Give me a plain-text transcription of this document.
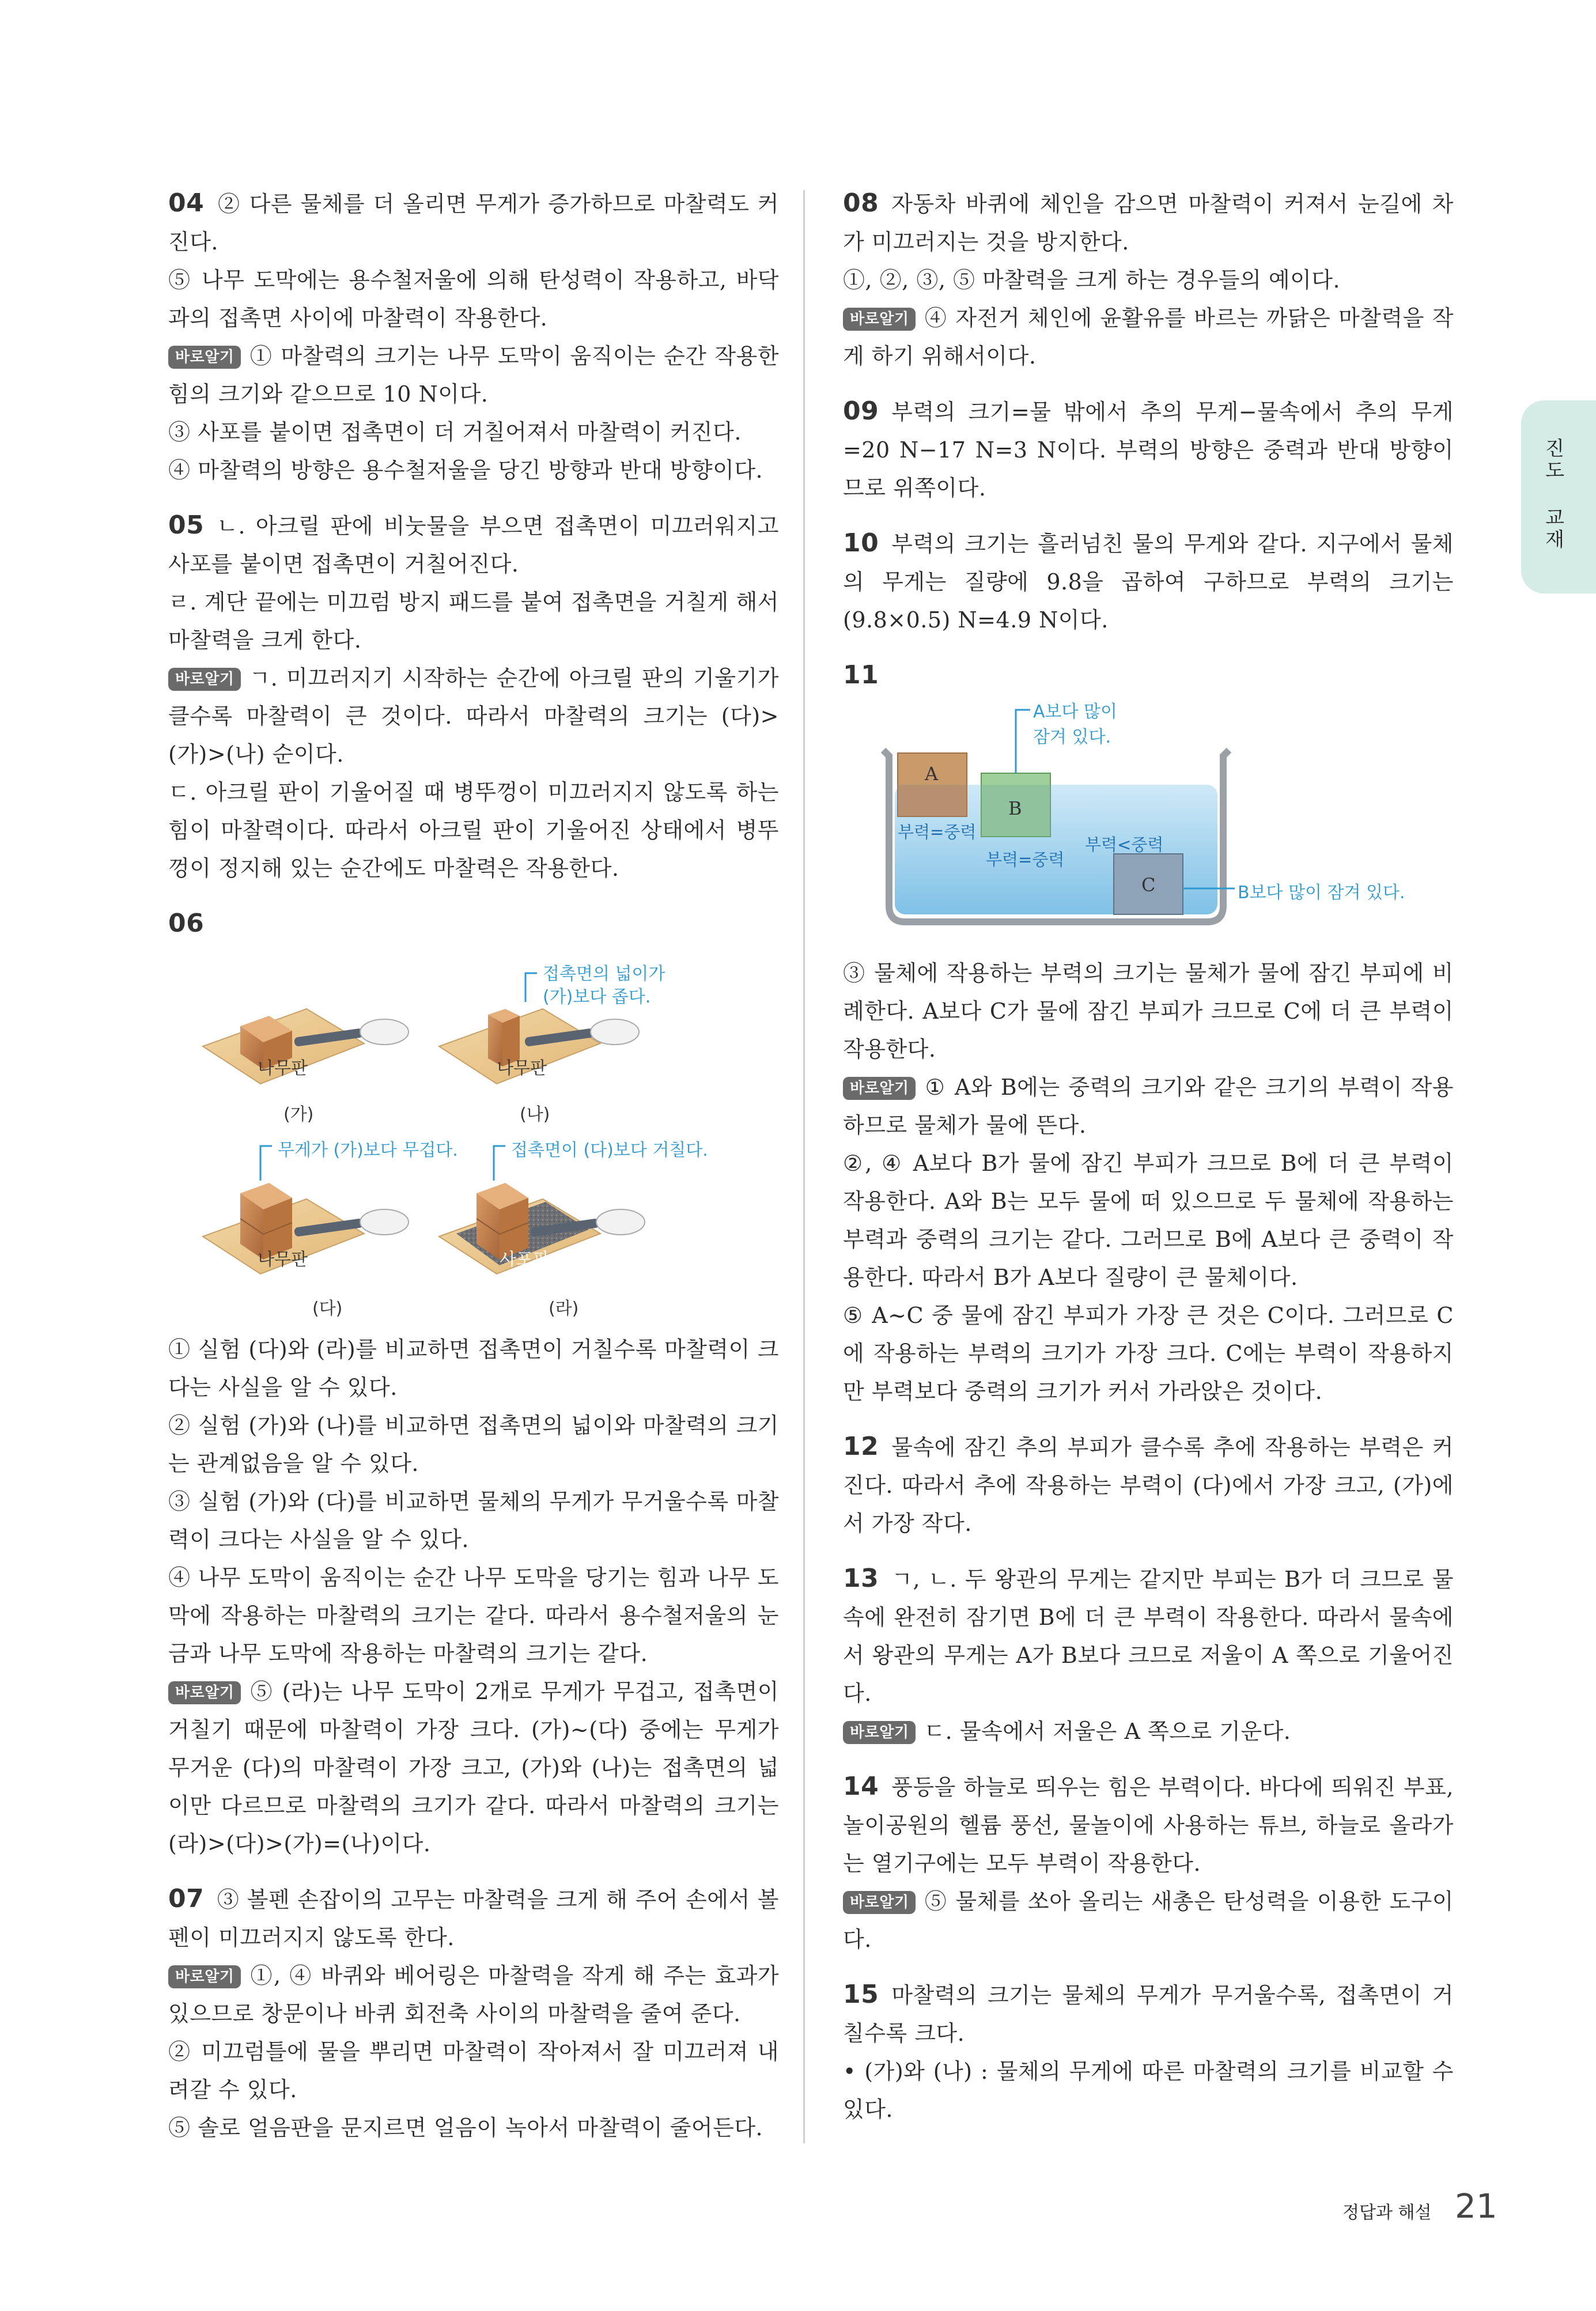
진도 교재

04 ② 다른 물체를 더 올리면 무게가 증가하므로 마찰력도 커진다.

⑤ 나무 도막에는 용수철저울에 의해 탄성력이 작용하고, 바닥과의 접촉면 사이에 마찰력이 작용한다.

바로알기 ① 마찰력의 크기는 나무 도막이 움직이는 순간 작용한 힘의 크기와 같으므로 10 N이다.

③ 사포를 붙이면 접촉면이 더 거칠어져서 마찰력이 커진다.

④ 마찰력의 방향은 용수철저울을 당긴 방향과 반대 방향이다.

05 ㄴ. 아크릴 판에 비눗물을 부으면 접촉면이 미끄러워지고 사포를 붙이면 접촉면이 거칠어진다.

ㄹ. 계단 끝에는 미끄럼 방지 패드를 붙여 접촉면을 거칠게 해서 마찰력을 크게 한다.

바로알기 ㄱ. 미끄러지기 시작하는 순간에 아크릴 판의 기울기가 클수록 마찰력이 큰 것이다. 따라서 마찰력의 크기는 (다)>(가)>(나) 순이다.

ㄷ. 아크릴 판이 기울어질 때 병뚜껑이 미끄러지지 않도록 하는 힘이 마찰력이다. 따라서 아크릴 판이 기울어진 상태에서 병뚜껑이 정지해 있는 순간에도 마찰력은 작용한다.

06

접촉면의 넓이가
(가)보다 좁다.
무게가 (가)보다 무겁다.	접촉면이 (다)보다 거칠다.
나무판	나무판
나무판	사포판
(가)	(나)
(다)	(라)

① 실험 (다)와 (라)를 비교하면 접촉면이 거칠수록 마찰력이 크다는 사실을 알 수 있다.

② 실험 (가)와 (나)를 비교하면 접촉면의 넓이와 마찰력의 크기는 관계없음을 알 수 있다.

③ 실험 (가)와 (다)를 비교하면 물체의 무게가 무거울수록 마찰력이 크다는 사실을 알 수 있다.

④ 나무 도막이 움직이는 순간 나무 도막을 당기는 힘과 나무 도막에 작용하는 마찰력의 크기는 같다. 따라서 용수철저울의 눈금과 나무 도막에 작용하는 마찰력의 크기는 같다.

바로알기 ⑤ (라)는 나무 도막이 2개로 무게가 무겁고, 접촉면이 거칠기 때문에 마찰력이 가장 크다. (가)~(다) 중에는 무게가 무거운 (다)의 마찰력이 가장 크고, (가)와 (나)는 접촉면의 넓이만 다르므로 마찰력의 크기가 같다. 따라서 마찰력의 크기는 (라)>(다)>(가)=(나)이다.

07 ③ 볼펜 손잡이의 고무는 마찰력을 크게 해 주어 손에서 볼펜이 미끄러지지 않도록 한다.

바로알기 ①, ④ 바퀴와 베어링은 마찰력을 작게 해 주는 효과가 있으므로 창문이나 바퀴 회전축 사이의 마찰력을 줄여 준다.

② 미끄럼틀에 물을 뿌리면 마찰력이 작아져서 잘 미끄러져 내려갈 수 있다.

⑤ 솔로 얼음판을 문지르면 얼음이 녹아서 마찰력이 줄어든다.

08 자동차 바퀴에 체인을 감으면 마찰력이 커져서 눈길에 차가 미끄러지는 것을 방지한다.

①, ②, ③, ⑤ 마찰력을 크게 하는 경우들의 예이다.

바로알기 ④ 자전거 체인에 윤활유를 바르는 까닭은 마찰력을 작게 하기 위해서이다.

09 부력의 크기=물 밖에서 추의 무게−물속에서 추의 무게=20 N−17 N=3 N이다. 부력의 방향은 중력과 반대 방향이므로 위쪽이다.

10 부력의 크기는 흘러넘친 물의 무게와 같다. 지구에서 물체의 무게는 질량에 9.8을 곱하여 구하므로 부력의 크기는 (9.8×0.5) N=4.9 N이다.

11

A보다 많이
잠겨 있다.
B보다 많이 잠겨 있다.
A
B
C
부력=중력
부력=중력
부력<중력

③ 물체에 작용하는 부력의 크기는 물체가 물에 잠긴 부피에 비례한다. A보다 C가 물에 잠긴 부피가 크므로 C에 더 큰 부력이 작용한다.

바로알기 ① A와 B에는 중력의 크기와 같은 크기의 부력이 작용하므로 물체가 물에 뜬다.

②, ④ A보다 B가 물에 잠긴 부피가 크므로 B에 더 큰 부력이 작용한다. A와 B는 모두 물에 떠 있으므로 두 물체에 작용하는 부력과 중력의 크기는 같다. 그러므로 B에 A보다 큰 중력이 작용한다. 따라서 B가 A보다 질량이 큰 물체이다.

⑤ A~C 중 물에 잠긴 부피가 가장 큰 것은 C이다. 그러므로 C에 작용하는 부력의 크기가 가장 크다. C에는 부력이 작용하지만 부력보다 중력의 크기가 커서 가라앉은 것이다.

12 물속에 잠긴 추의 부피가 클수록 추에 작용하는 부력은 커진다. 따라서 추에 작용하는 부력이 (다)에서 가장 크고, (가)에서 가장 작다.

13 ㄱ, ㄴ. 두 왕관의 무게는 같지만 부피는 B가 더 크므로 물속에 완전히 잠기면 B에 더 큰 부력이 작용한다. 따라서 물속에서 왕관의 무게는 A가 B보다 크므로 저울이 A 쪽으로 기울어진다.

바로알기 ㄷ. 물속에서 저울은 A 쪽으로 기운다.

14 풍등을 하늘로 띄우는 힘은 부력이다. 바다에 띄워진 부표, 놀이공원의 헬륨 풍선, 물놀이에 사용하는 튜브, 하늘로 올라가는 열기구에는 모두 부력이 작용한다.

바로알기 ⑤ 물체를 쏘아 올리는 새총은 탄성력을 이용한 도구이다.

15 마찰력의 크기는 물체의 무게가 무거울수록, 접촉면이 거칠수록 크다.

• (가)와 (나) : 물체의 무게에 따른 마찰력의 크기를 비교할 수 있다.

정답과 해설 21
